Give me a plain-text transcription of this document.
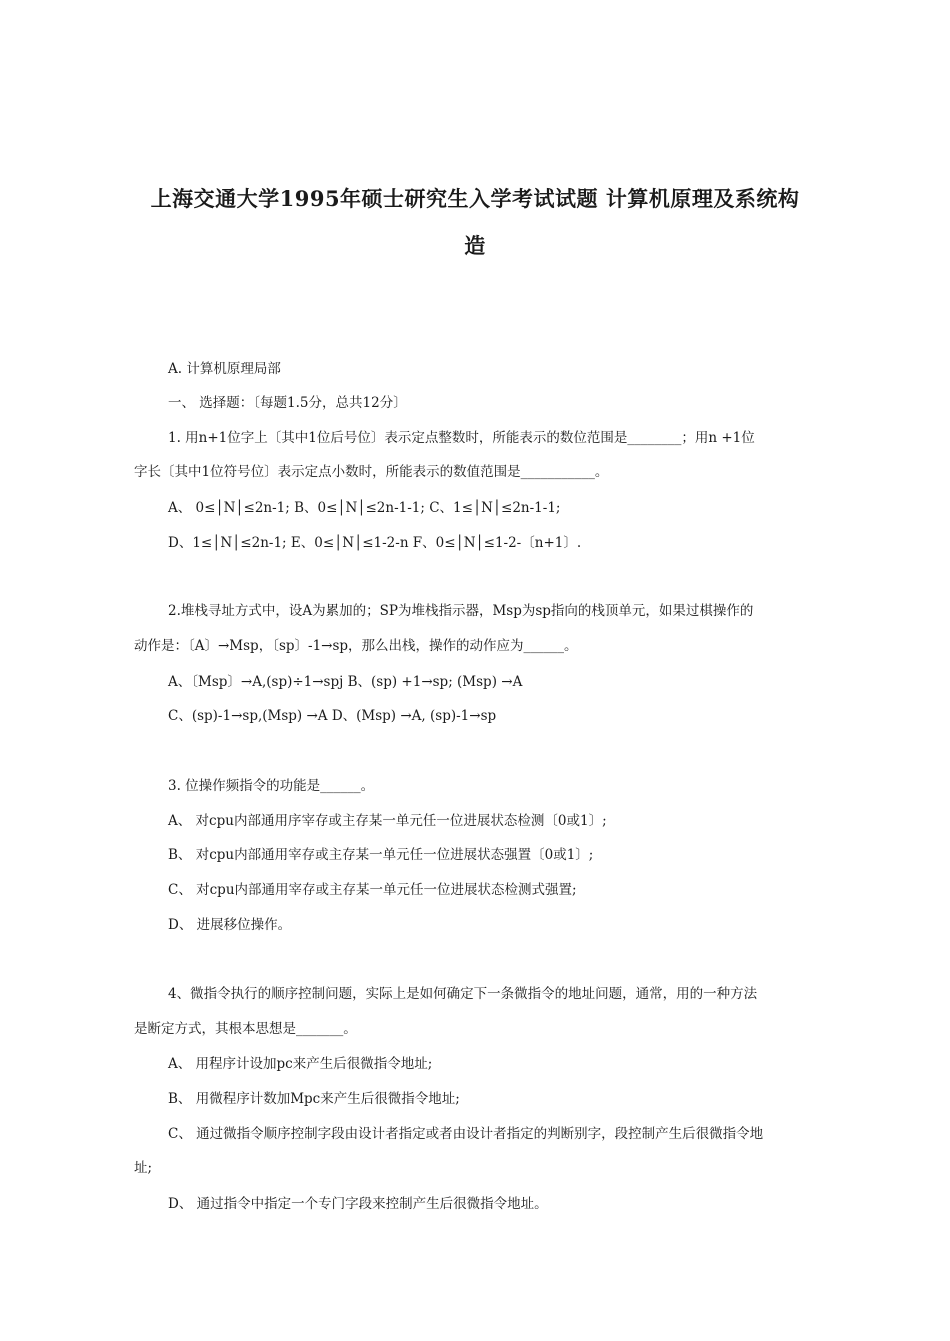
上海交通大学1995年硕士研究生入学考试试题 计算机原理及系统构
造
A. 计算机原理局部
一、 选择题：〔每题1.5分，总共12分〕
1. 用n+1位字上〔其中1位后号位〕表示定点整数时，所能表示的数位范围是________；用n +1位
字长〔其中1位符号位〕表示定点小数时，所能表示的数值范围是___________。
A、 0≤│N│≤2n-1; B、0≤│N│≤2n-1-1; C、1≤│N│≤2n-1-1;
D、1≤│N│≤2n-1; E、0≤│N│≤1-2-n F、0≤│N│≤1-2-〔n+1〕.
2.堆栈寻址方式中，设A为累加的；SP为堆栈指示器，Msp为sp指向的栈顶单元，如果过棋操作的
动作是：〔A〕→Msp，〔sp〕-1→sp，那么出栈，操作的动作应为______。
A、〔Msp〕→A,(sp)÷1→spj B、(sp) +1→sp; (Msp) →A
C、(sp)-1→sp,(Msp) →A D、(Msp) →A, (sp)-1→sp
3. 位操作频指令的功能是______。
A、 对cpu内部通用序宰存或主存某一单元任一位进展状态检测〔0或1〕;
B、 对cpu内部通用宰存或主存某一单元任一位进展状态强置〔0或1〕;
C、 对cpu内部通用宰存或主存某一单元任一位进展状态检测式强置;
D、 进展移位操作。
4、微指令执行的顺序控制问题，实际上是如何确定下一条微指令的地址问题，通常，用的一种方法
是断定方式，其根本思想是_______。
A、 用程序计设加pc来产生后很微指令地址;
B、 用微程序计数加Mpc来产生后很微指令地址;
C、 通过微指令顺序控制字段由设计者指定或者由设计者指定的判断别字，段控制产生后很微指令地
址;
D、 通过指令中指定一个专门字段来控制产生后很微指令地址。
